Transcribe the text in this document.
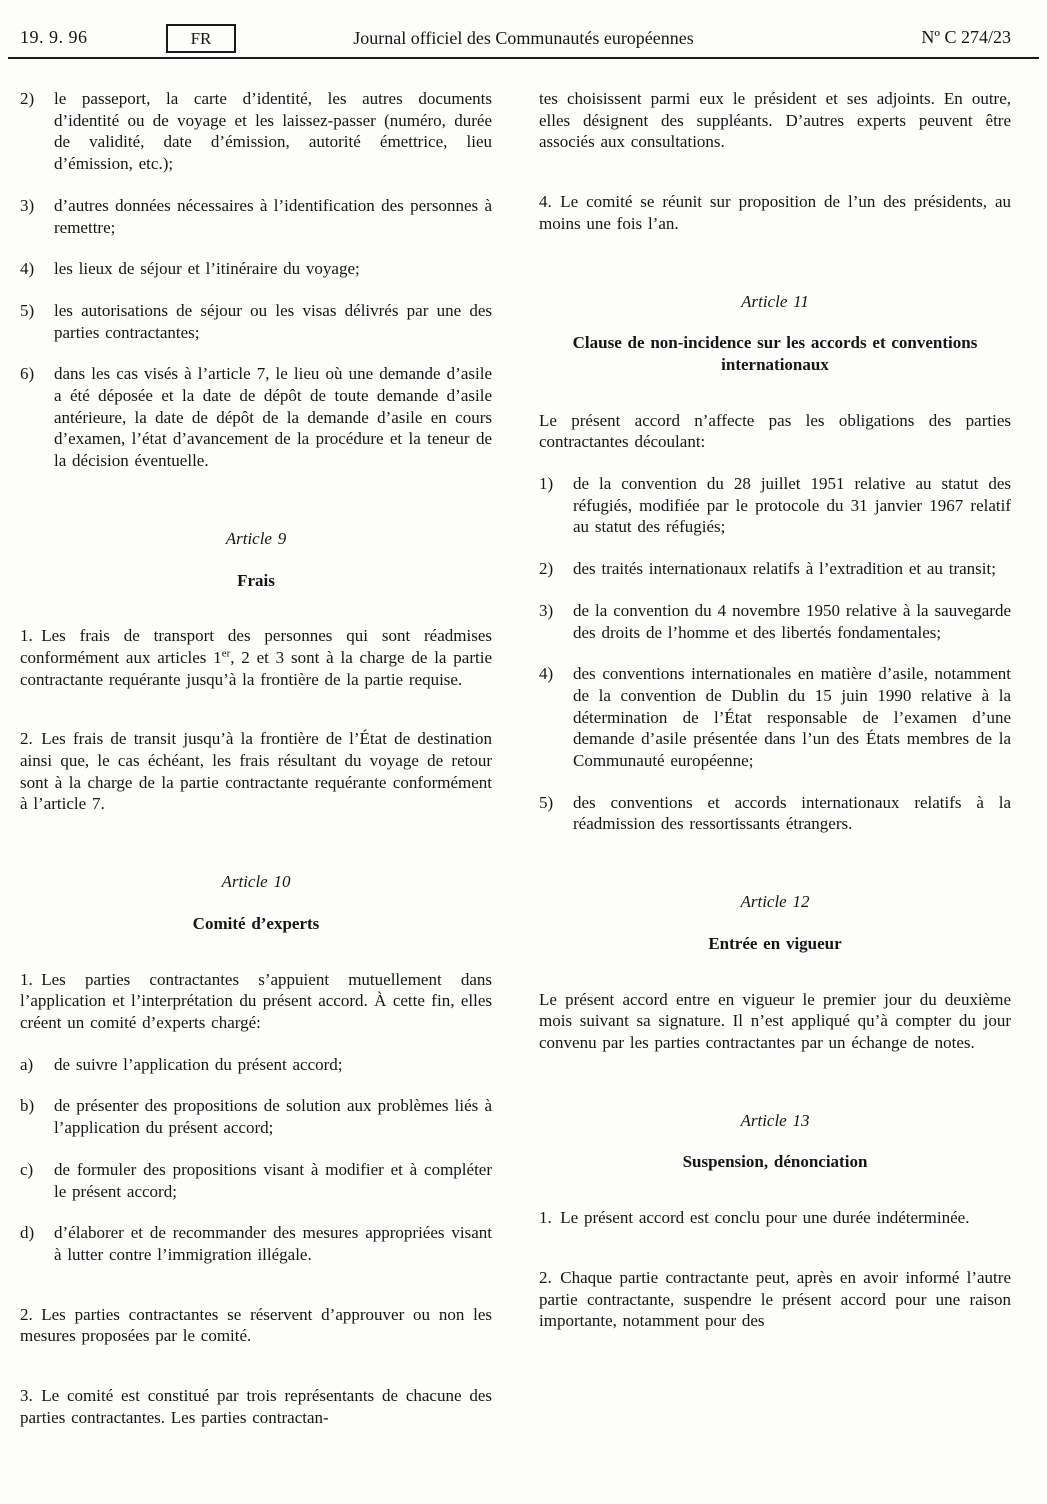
19. 9. 96	FR	Journal officiel des Communautés européennes	Nº C 274/23
2)	le passeport, la carte d’identité, les autres documents d’identité ou de voyage et les laissez-passer (numéro, durée de validité, date d’émission, autorité émettrice, lieu d’émission, etc.);
3)	d’autres données nécessaires à l’identification des personnes à remettre;
4)	les lieux de séjour et l’itinéraire du voyage;
5)	les autorisations de séjour ou les visas délivrés par une des parties contractantes;
6)	dans les cas visés à l’article 7, le lieu où une demande d’asile a été déposée et la date de dépôt de toute demande d’asile antérieure, la date de dépôt de la demande d’asile en cours d’examen, l’état d’avancement de la procédure et la teneur de la décision éventuelle.

Article 9

Frais

1. Les frais de transport des personnes qui sont réadmises conformément aux articles 1er, 2 et 3 sont à la charge de la partie contractante requérante jusqu’à la frontière de la partie requise.

2. Les frais de transit jusqu’à la frontière de l’État de destination ainsi que, le cas échéant, les frais résultant du voyage de retour sont à la charge de la partie contractante requérante conformément à l’article 7.

Article 10

Comité d’experts

1. Les parties contractantes s’appuient mutuellement dans l’application et l’interprétation du présent accord. À cette fin, elles créent un comité d’experts chargé:

a)	de suivre l’application du présent accord;
b)	de présenter des propositions de solution aux problèmes liés à l’application du présent accord;
c)	de formuler des propositions visant à modifier et à compléter le présent accord;
d)	d’élaborer et de recommander des mesures appropriées visant à lutter contre l’immigration illégale.

2. Les parties contractantes se réservent d’approuver ou non les mesures proposées par le comité.

3. Le comité est constitué par trois représentants de chacune des parties contractantes. Les parties contractan-

tes choisissent parmi eux le président et ses adjoints. En outre, elles désignent des suppléants. D’autres experts peuvent être associés aux consultations.

4. Le comité se réunit sur proposition de l’un des présidents, au moins une fois l’an.

Article 11

Clause de non-incidence sur les accords et conventions internationaux

Le présent accord n’affecte pas les obligations des parties contractantes découlant:

1)	de la convention du 28 juillet 1951 relative au statut des réfugiés, modifiée par le protocole du 31 janvier 1967 relatif au statut des réfugiés;
2)	des traités internationaux relatifs à l’extradition et au transit;
3)	de la convention du 4 novembre 1950 relative à la sauvegarde des droits de l’homme et des libertés fondamentales;
4)	des conventions internationales en matière d’asile, notamment de la convention de Dublin du 15 juin 1990 relative à la détermination de l’État responsable de l’examen d’une demande d’asile présentée dans l’un des États membres de la Communauté européenne;
5)	des conventions et accords internationaux relatifs à la réadmission des ressortissants étrangers.

Article 12

Entrée en vigueur

Le présent accord entre en vigueur le premier jour du deuxième mois suivant sa signature. Il n’est appliqué qu’à compter du jour convenu par les parties contractantes par un échange de notes.

Article 13

Suspension, dénonciation

1. Le présent accord est conclu pour une durée indéterminée.

2. Chaque partie contractante peut, après en avoir informé l’autre partie contractante, suspendre le présent accord pour une raison importante, notamment pour des
